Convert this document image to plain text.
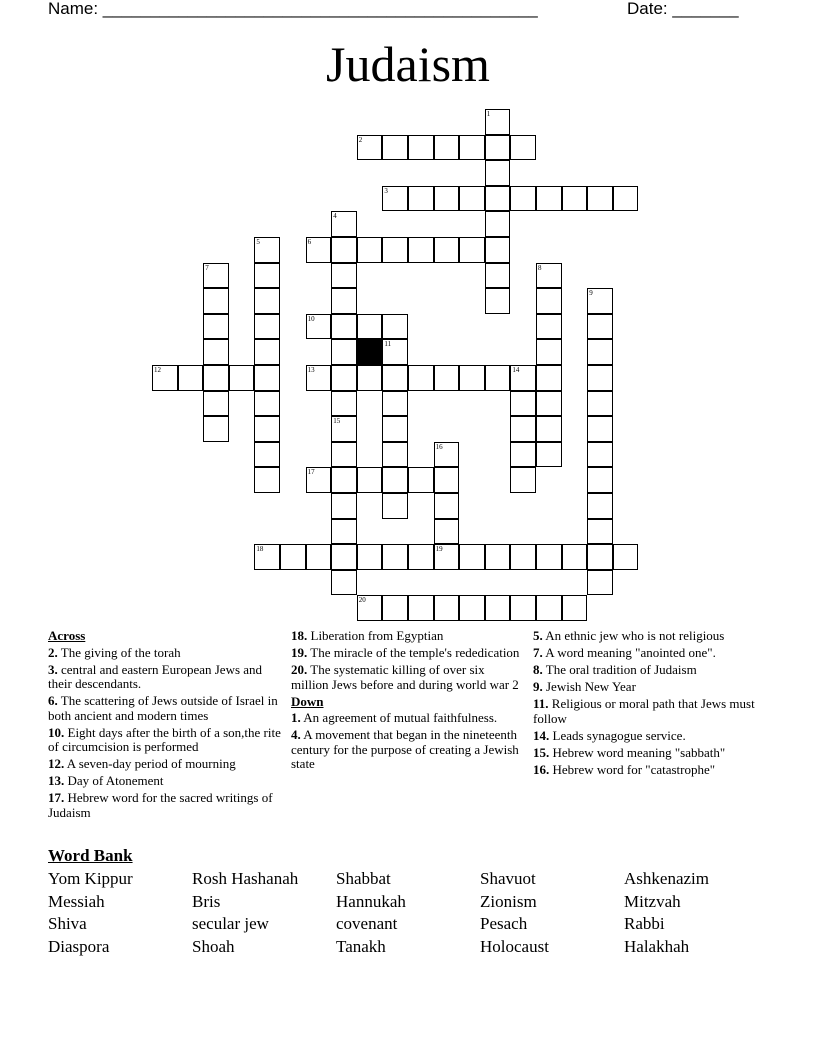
Name: ______________________________________________	Date: _______
Judaism
1
2
3
4
15
5	6
7	8
9
10
11
12	13	14
16
19
17
18
20
Across
2. The giving of the torah
3. central and eastern European Jews and their descendants.
6. The scattering of Jews outside of Israel in both ancient and modern times
10. Eight days after the birth of a son,the rite of circumcision is performed
12. A seven-day period of mourning
13. Day of Atonement
17. Hebrew word for the sacred writings of Judaism
18. Liberation from Egyptian
19. The miracle of the temple's rededication
20. The systematic killing of over six million Jews before and during world war 2
Down
1. An agreement of mutual faithfulness.
4. A movement that began in the nineteenth century for the purpose of creating a Jewish state
5. An ethnic jew who is not religious
7. A word meaning "anointed one".
8. The oral tradition of Judaism
9. Jewish New Year
11. Religious or moral path that Jews must follow
14. Leads synagogue service.
15. Hebrew word meaning "sabbath"
16. Hebrew word for "catastrophe"
Word Bank
Yom Kippur	Rosh Hashanah	Shabbat	Shavuot	Ashkenazim
Messiah	Bris	Hannukah	Zionism	Mitzvah
Shiva	secular jew	covenant	Pesach	Rabbi
Diaspora	Shoah	Tanakh	Holocaust	Halakhah
